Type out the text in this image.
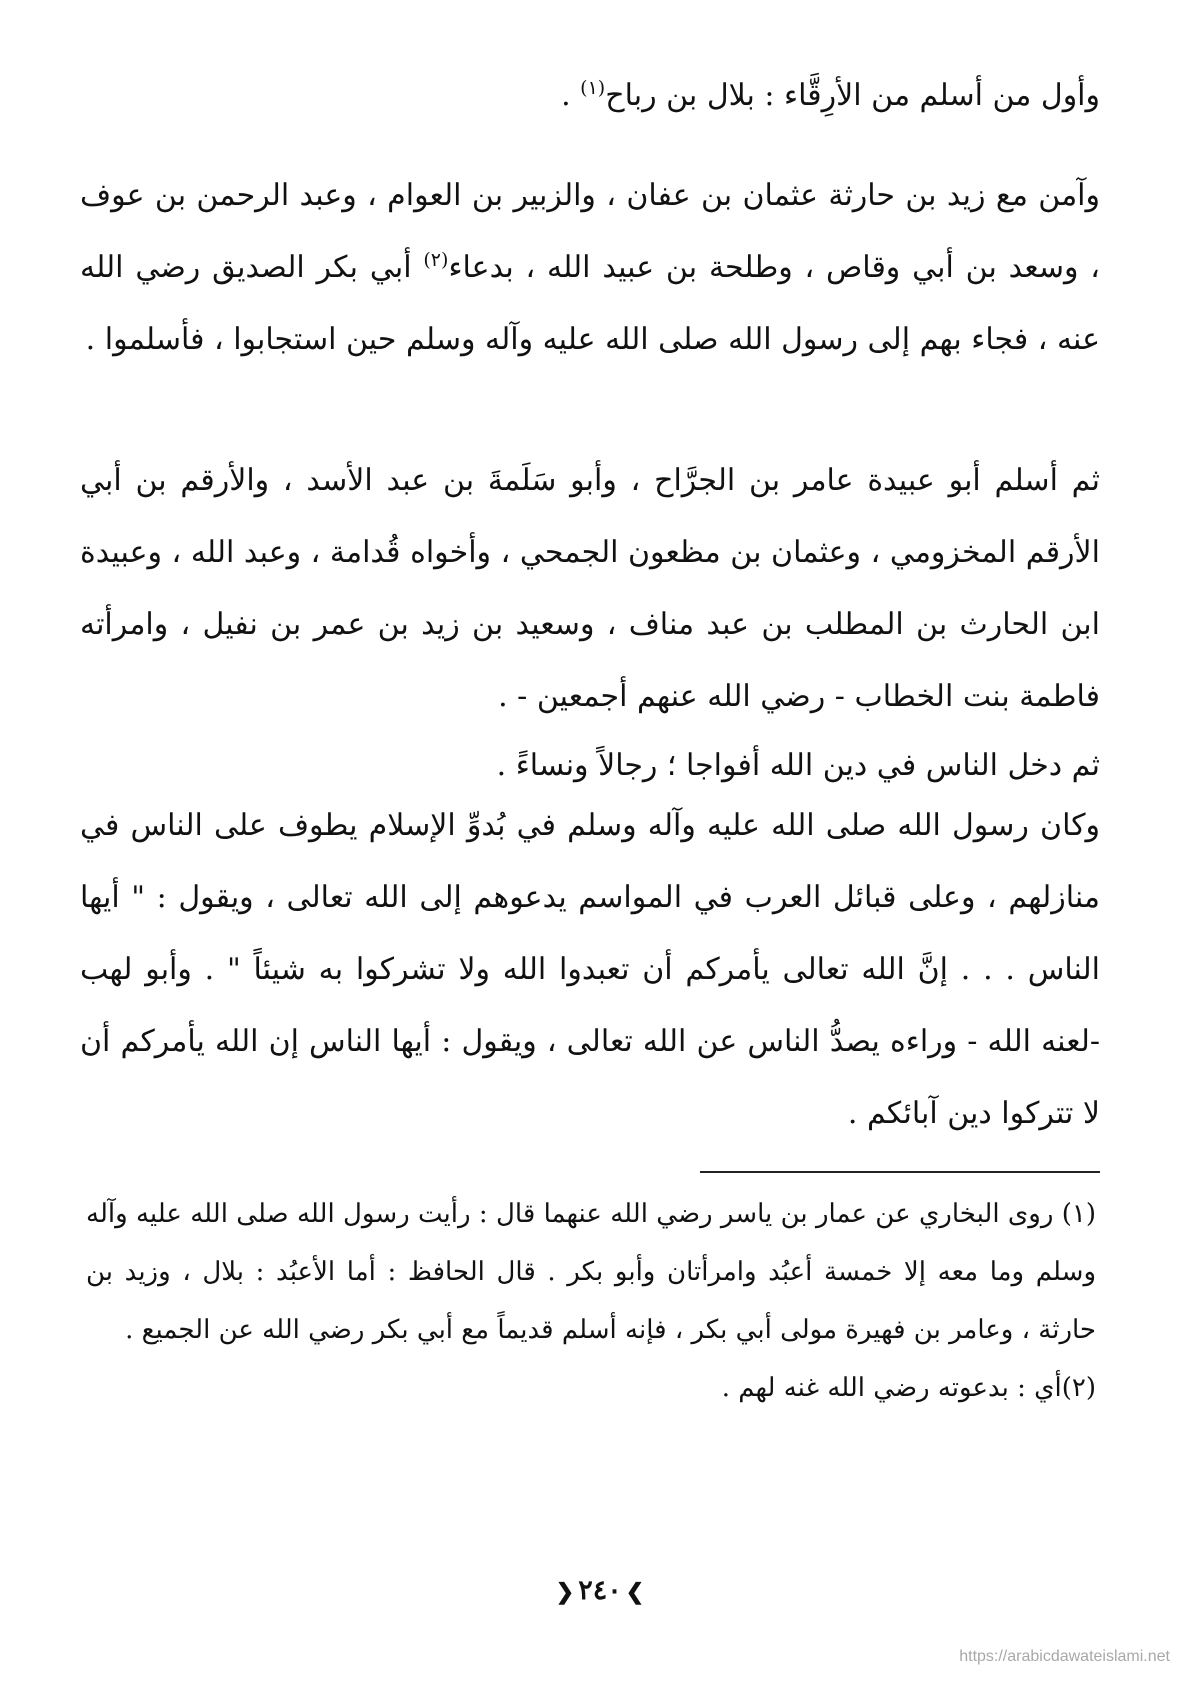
وأول من أسلم من الأرِقَّاء : بلال بن رباح$^{(١)}$ .

وآمن مع زيد بن حارثة عثمان بن عفان ، والزبير بن العوام ، وعبد الرحمن بن عوف ، وسعد بن أبي وقاص ، وطلحة بن عبيد الله ، بدعاء$^{(٢)}$ أبي بكر الصديق رضي الله عنه ، فجاء بهم إلى رسول الله صلى الله عليه وآله وسلم حين استجابوا ، فأسلموا .

ثم أسلم أبو عبيدة عامر بن الجرَّاح ، وأبو سَلَمةَ بن عبد الأسد ، والأرقم بن أبي الأرقم المخزومي ، وعثمان بن مظعون الجمحي ، وأخواه قُدامة ، وعبد الله ، وعبيدة ابن الحارث بن المطلب بن عبد مناف ، وسعيد بن زيد بن عمر بن نفيل ، وامرأته فاطمة بنت الخطاب - رضي الله عنهم أجمعين - .

ثم دخل الناس في دين الله أفواجا ؛ رجالاً ونساءً .

وكان رسول الله صلى الله عليه وآله وسلم في بُدوِّ الإسلام يطوف على الناس في منازلهم ، وعلى قبائل العرب في المواسم يدعوهم إلى الله تعالى ، ويقول : " أيها الناس . . . إنَّ الله تعالى يأمركم أن تعبدوا الله ولا تشركوا به شيئاً " . وأبو لهب -لعنه الله - وراءه يصدُّ الناس عن الله تعالى ، ويقول : أيها الناس إن الله يأمركم أن لا تتركوا دين آبائكم .

(١) روى البخاري عن عمار بن ياسر رضي الله عنهما قال : رأيت رسول الله صلى الله عليه وآله وسلم وما معه إلا خمسة أعبُد وامرأتان وأبو بكر . قال الحافظ : أما الأعبُد : بلال ، وزيد بن حارثة ، وعامر بن فهيرة مولى أبي بكر ، فإنه أسلم قديماً مع أبي بكر رضي الله عن الجميع .

(٢)أي : بدعوته رضي الله غنه لهم .

❯٢٤٠❮
https://arabicdawateislami.net
